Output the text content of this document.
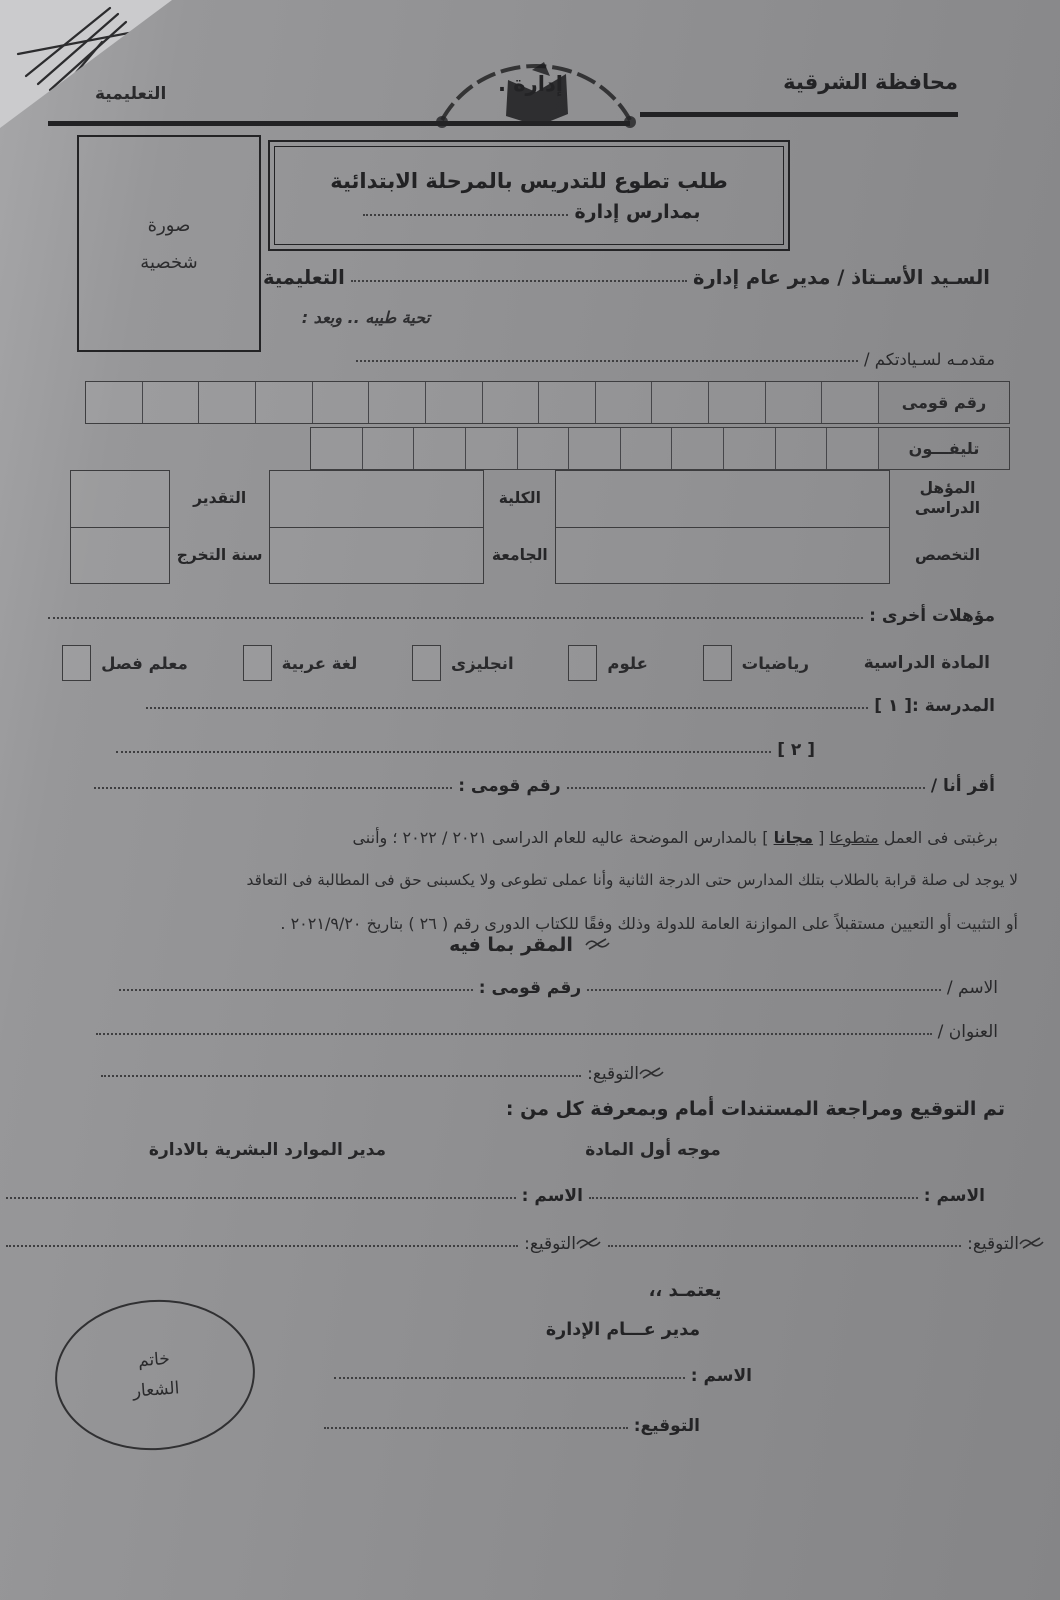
محافظة الشرقية
إدارة .
التعليمية
صورة
شخصية
طلب تطوع للتدريس بالمرحلة الابتدائية
بمدارس إدارة
السـيد الأسـتاذ / مدير عام إدارة
التعليمية
تحية طيبه .. وبعد :
مقدمـه لسـيادتكم /
رقم قومى
تليفـــون
المؤهل الدراسى
التخصص
الكلية
الجامعة
التقدير
سنة التخرج
مؤهلات أخرى :
المادة الدراسية
رياضيات
علوم
انجليزى
لغة عربية
معلم فصل
المدرسة :
[ ١ ]
[ ٢ ]
أقر أنا /
رقم قومى :
برغبتى فى العمل متطوعا [ مجانا ] بالمدارس الموضحة عاليه للعام الدراسى ٢٠٢١ / ٢٠٢٢ ؛ وأننى
لا يوجد لى صلة قرابة بالطلاب بتلك المدارس حتى الدرجة الثانية وأنا عملى تطوعى ولا يكسبنى حق فى المطالبة فى التعاقد
أو التثبيت أو التعيين مستقبلاً على الموازنة العامة للدولة وذلك وفقًا للكتاب الدورى رقم ( ٢٦ ) بتاريخ ٢٠٢١/٩/٢٠ .
المقر بما فيه
الاسم /
رقم قومى :
العنوان /
التوقيع:
تم التوقيع ومراجعة المستندات أمام وبمعرفة كل من :
موجه أول المادة
مدير الموارد البشرية بالادارة
الاسم :
الاسم :
التوقيع:
التوقيع:
يعتمـد ،،
مدير عـــام الإدارة
الاسم :
التوقيع:
خاتم
الشعار
